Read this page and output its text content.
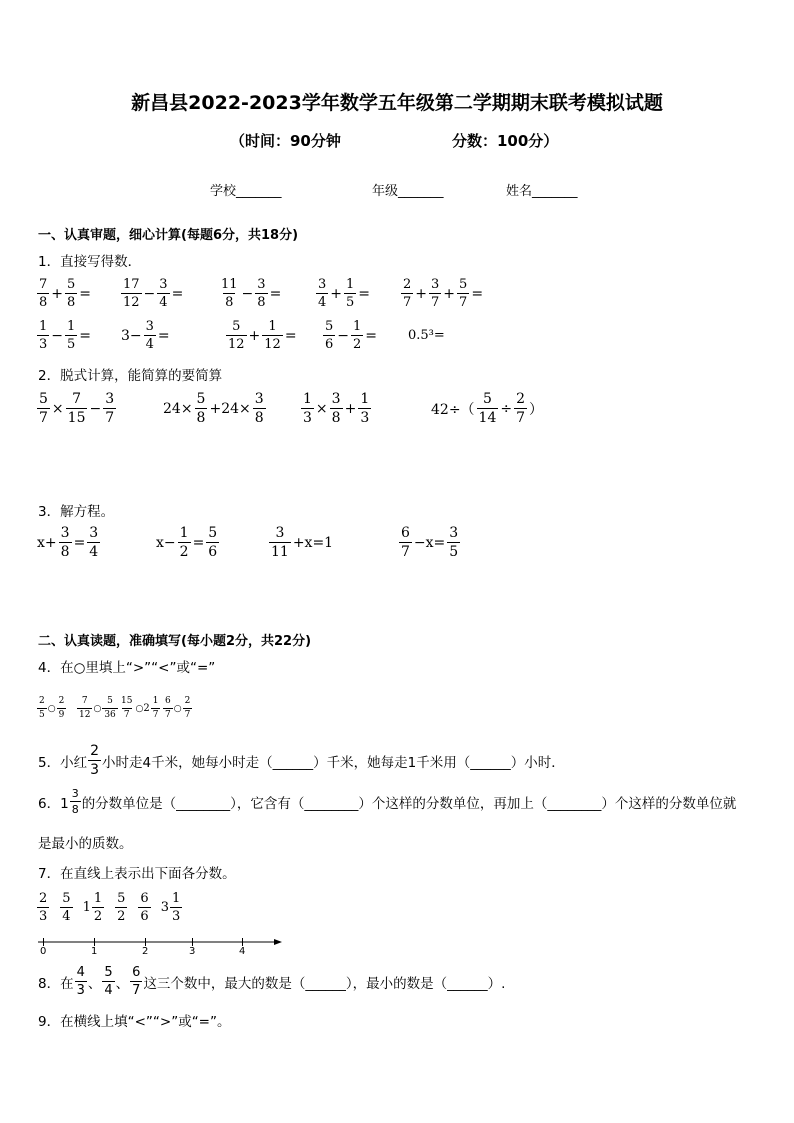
新昌县2022-2023学年数学五年级第二学期期末联考模拟试题
（时间：90分钟	分数：100分）
学校_______	年级_______	姓名_______
一、认真审题，细心计算(每题6分，共18分)
1．直接写得数．
7
8
+ $\frac{5}{8}$ =
17
12
− $\frac{3}{4}$ =
11
8
− $\frac{3}{8}$ =
3
4
+ $\frac{1}{5}$ =
2
7
+ $\frac{3}{7} + \frac{5}{7}$ =
1
3
− $\frac{1}{5} = 3- \frac{3}{4}$ =
5
12
+ $\frac{1}{12}$ =
5
6
− $\frac{1}{2} = 0.5^3=$
2．脱式计算，能简算的要简算
$\frac{5}{7} \times \frac{7}{15} - \frac{3}{7}$	$24\times \frac{5}{8} +24\times \frac{3}{8}$	$\frac{1}{3} \times \frac{3}{8} + \frac{1}{3}$	$42\div( \frac{5}{14} \div \frac{2}{7}$ ）
3．解方程。
$x+ \frac{3}{8} = \frac{3}{4}$	$x- \frac{1}{2} = \frac{5}{6}$	3
11
+x=1
6
7
$-x= \frac{3}{5}$
二、认真读题，准确填写(每小题2分，共22分)
4．在○里填上“>”“<”或“=”
2
5
○
2
9
7
12
○
5
36
15
7
○ 2
1
7
6
7
○
2
7
5．小红
2
3 小时走4千米，她每小时走（______）千米，她每走1千米用（______）小时．
6．1
3
8 的分数单位是（________），它含有（________）个这样的分数单位，再加上（________）个这样的分数单位就
是最小的质数。
7．在直线上表示出下面各分数。
2
3
5
4
1
1
2
5
2
6
6
3
1
3
0	1	2	3	4
8．在
4
3 、
5
4 、
6
7 这三个数中，最大的数是（______），最小的数是（______）.
9．在横线上填“<”“>”或“=”。
